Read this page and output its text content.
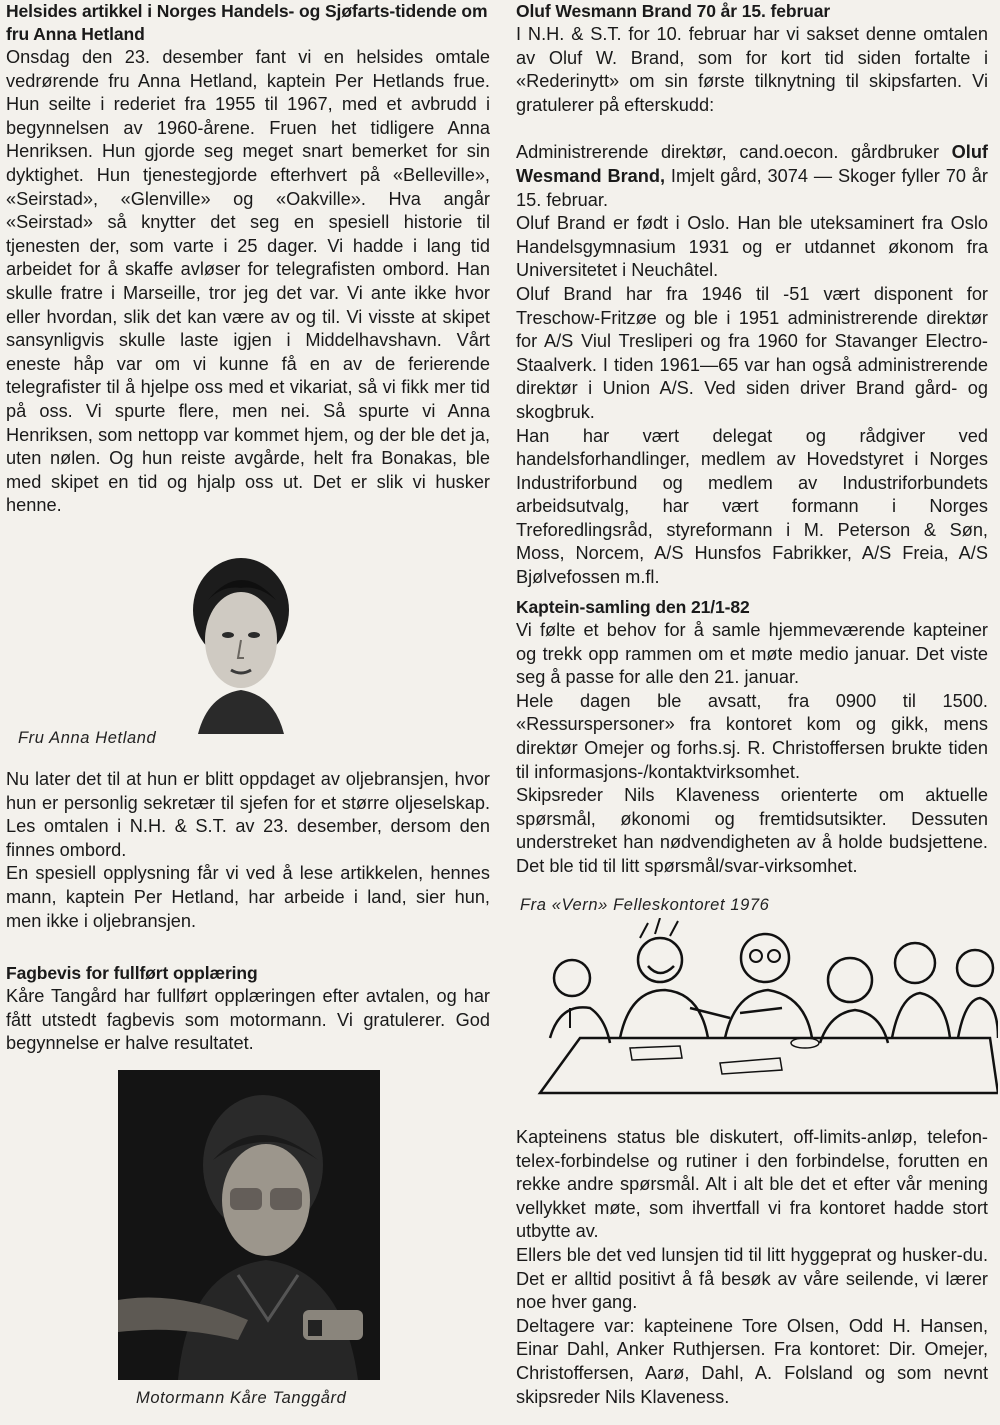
Helsides artikkel i Norges Handels- og Sjøfarts-tidende om fru Anna Hetland

Onsdag den 23. desember fant vi en helsides omtale vedrørende fru Anna Hetland, kaptein Per Hetlands frue. Hun seilte i rederiet fra 1955 til 1967, med et avbrudd i begynnelsen av 1960-årene. Fruen het tidligere Anna Henriksen. Hun gjorde seg meget snart bemerket for sin dyktighet. Hun tjenestegjorde efterhvert på «Belleville», «Seirstad», «Glenville» og «Oakville». Hva angår «Seirstad» så knytter det seg en spesiell historie til tjenesten der, som varte i 25 dager. Vi hadde i lang tid arbeidet for å skaffe avløser for telegrafisten ombord. Han skulle fratre i Marseille, tror jeg det var. Vi ante ikke hvor eller hvordan, slik det kan være av og til. Vi visste at skipet sansynligvis skulle laste igjen i Middelhavshavn. Vårt eneste håp var om vi kunne få en av de ferierende telegrafister til å hjelpe oss med et vikariat, så vi fikk mer tid på oss. Vi spurte flere, men nei. Så spurte vi Anna Henriksen, som nettopp var kommet hjem, og der ble det ja, uten nølen. Og hun reiste avgårde, helt fra Bonakas, ble med skipet en tid og hjalp oss ut. Det er slik vi husker henne.

Fru Anna Hetland

Nu later det til at hun er blitt oppdaget av oljebransjen, hvor hun er personlig sekretær til sjefen for et større oljeselskap. Les omtalen i N.H. & S.T. av 23. desember, dersom den finnes ombord.

En spesiell opplysning får vi ved å lese artikkelen, hennes mann, kaptein Per Hetland, har arbeide i land, sier hun, men ikke i oljebransjen.

Fagbevis for fullført opplæring

Kåre Tangård har fullført opplæringen efter avtalen, og har fått utstedt fagbevis som motormann. Vi gratulerer. God begynnelse er halve resultatet.

Motormann Kåre Tanggård

Oluf Wesmann Brand 70 år 15. februar

I N.H. & S.T. for 10. februar har vi sakset denne omtalen av Oluf W. Brand, som for kort tid siden fortalte i «Rederinytt» om sin første tilknytning til skipsfarten. Vi gratulerer på efterskudd:

Administrerende direktør, cand.oecon. gårdbruker Oluf Wesmand Brand, Imjelt gård, 3074 — Skoger fyller 70 år 15. februar.

Oluf Brand er født i Oslo. Han ble uteksaminert fra Oslo Handelsgymnasium 1931 og er utdannet økonom fra Universitetet i Neuchâtel.

Oluf Brand har fra 1946 til -51 vært disponent for Treschow-Fritzøe og ble i 1951 administrerende direktør for A/S Viul Tresliperi og fra 1960 for Stavanger Electro-Staalverk. I tiden 1961—65 var han også administrerende direktør i Union A/S. Ved siden driver Brand gård- og skogbruk.

Han har vært delegat og rådgiver ved handelsforhandlinger, medlem av Hovedstyret i Norges Industriforbund og medlem av Industriforbundets arbeidsutvalg, har vært formann i Norges Treforedlingsråd, styreformann i M. Peterson & Søn, Moss, Norcem, A/S Hunsfos Fabrikker, A/S Freia, A/S Bjølvefossen m.fl.

Kaptein-samling den 21/1-82

Vi følte et behov for å samle hjemmeværende kapteiner og trekk opp rammen om et møte medio januar. Det viste seg å passe for alle den 21. januar.

Hele dagen ble avsatt, fra 0900 til 1500. «Ressurspersoner» fra kontoret kom og gikk, mens direktør Omejer og forhs.sj. R. Christoffersen brukte tiden til informasjons-/kontaktvirksomhet.

Skipsreder Nils Klaveness orienterte om aktuelle spørsmål, økonomi og fremtidsutsikter. Dessuten understreket han nødvendigheten av å holde budsjettene. Det ble tid til litt spørsmål/svar-virksomhet.

Fra «Vern» Felleskontoret 1976

Kapteinens status ble diskutert, off-limits-anløp, telefon-telex-forbindelse og rutiner i den forbindelse, forutten en rekke andre spørsmål. Alt i alt ble det et efter vår mening vellykket møte, som ihvertfall vi fra kontoret hadde stort utbytte av.

Ellers ble det ved lunsjen tid til litt hyggeprat og husker-du. Det er alltid positivt å få besøk av våre seilende, vi lærer noe hver gang.

Deltagere var: kapteinene Tore Olsen, Odd H. Hansen, Einar Dahl, Anker Ruthjersen. Fra kontoret: Dir. Omejer, Christoffersen, Aarø, Dahl, A. Folsland og som nevnt skipsreder Nils Klaveness.
